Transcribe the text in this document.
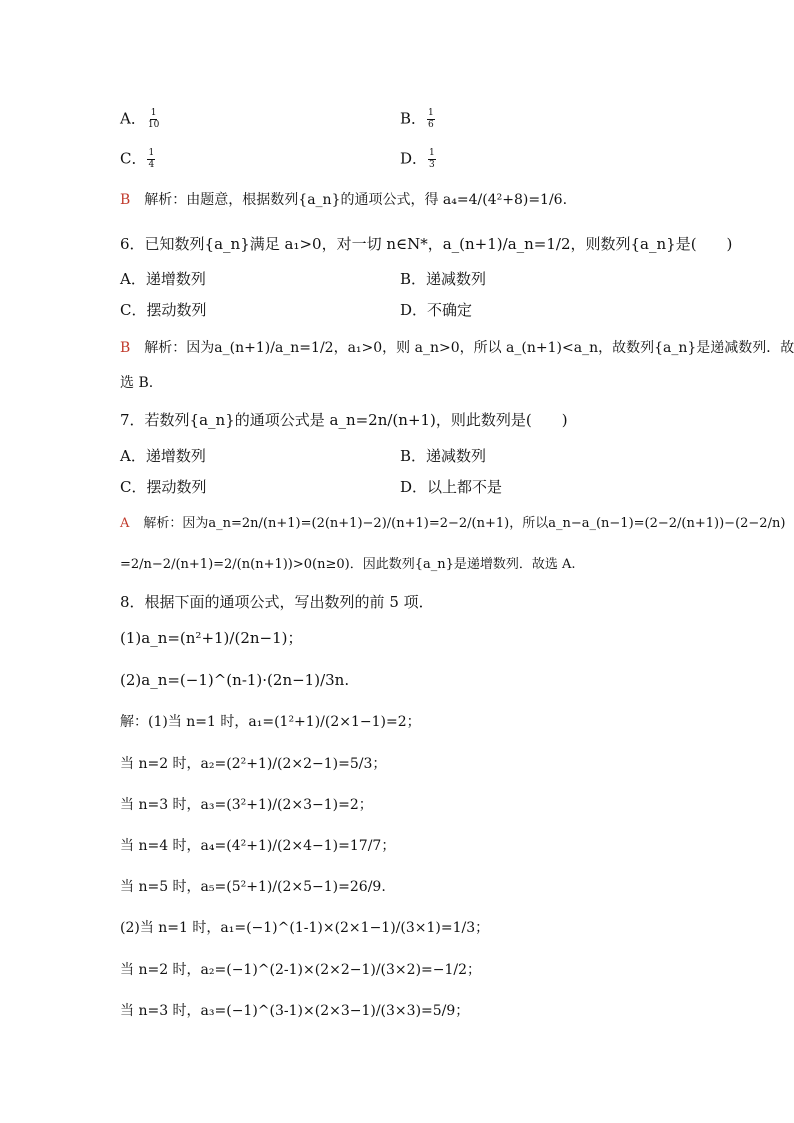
A． $\frac{1}{10}$	B． $\frac{1}{6}$
C． $\frac{1}{4}$	D． $\frac{1}{3}$
B 解析：由题意，根据数列{a_n}的通项公式，得 a₄=4/(4²+8)=1/6.
6．已知数列{a_n}满足 a₁>0，对一切 n∈N*，a_(n+1)/a_n=1/2，则数列{a_n}是(　　)
A．递增数列	B．递减数列
C．摆动数列	D．不确定
B 解析：因为a_(n+1)/a_n=1/2，a₁>0，则 a_n>0，所以 a_(n+1)<a_n，故数列{a_n}是递减数列．故
选 B.
7．若数列{a_n}的通项公式是 a_n=2n/(n+1)，则此数列是(　　)
A．递增数列	B．递减数列
C．摆动数列	D．以上都不是
A 解析：因为a_n=2n/(n+1)=(2(n+1)−2)/(n+1)=2−2/(n+1)，所以a_n−a_(n−1)=(2−2/(n+1))−(2−2/n)
=2/n−2/(n+1)=2/(n(n+1))>0(n≥0)．因此数列{a_n}是递增数列．故选 A.
8．根据下面的通项公式，写出数列的前 5 项．
(1)a_n=(n²+1)/(2n−1)；
(2)a_n=(−1)^(n-1)·(2n−1)/3n.
解：(1)当 n=1 时，a₁=(1²+1)/(2×1−1)=2；
当 n=2 时，a₂=(2²+1)/(2×2−1)=5/3；
当 n=3 时，a₃=(3²+1)/(2×3−1)=2；
当 n=4 时，a₄=(4²+1)/(2×4−1)=17/7；
当 n=5 时，a₅=(5²+1)/(2×5−1)=26/9.
(2)当 n=1 时，a₁=(−1)^(1-1)×(2×1−1)/(3×1)=1/3；
当 n=2 时，a₂=(−1)^(2-1)×(2×2−1)/(3×2)=−1/2；
当 n=3 时，a₃=(−1)^(3-1)×(2×3−1)/(3×3)=5/9；
